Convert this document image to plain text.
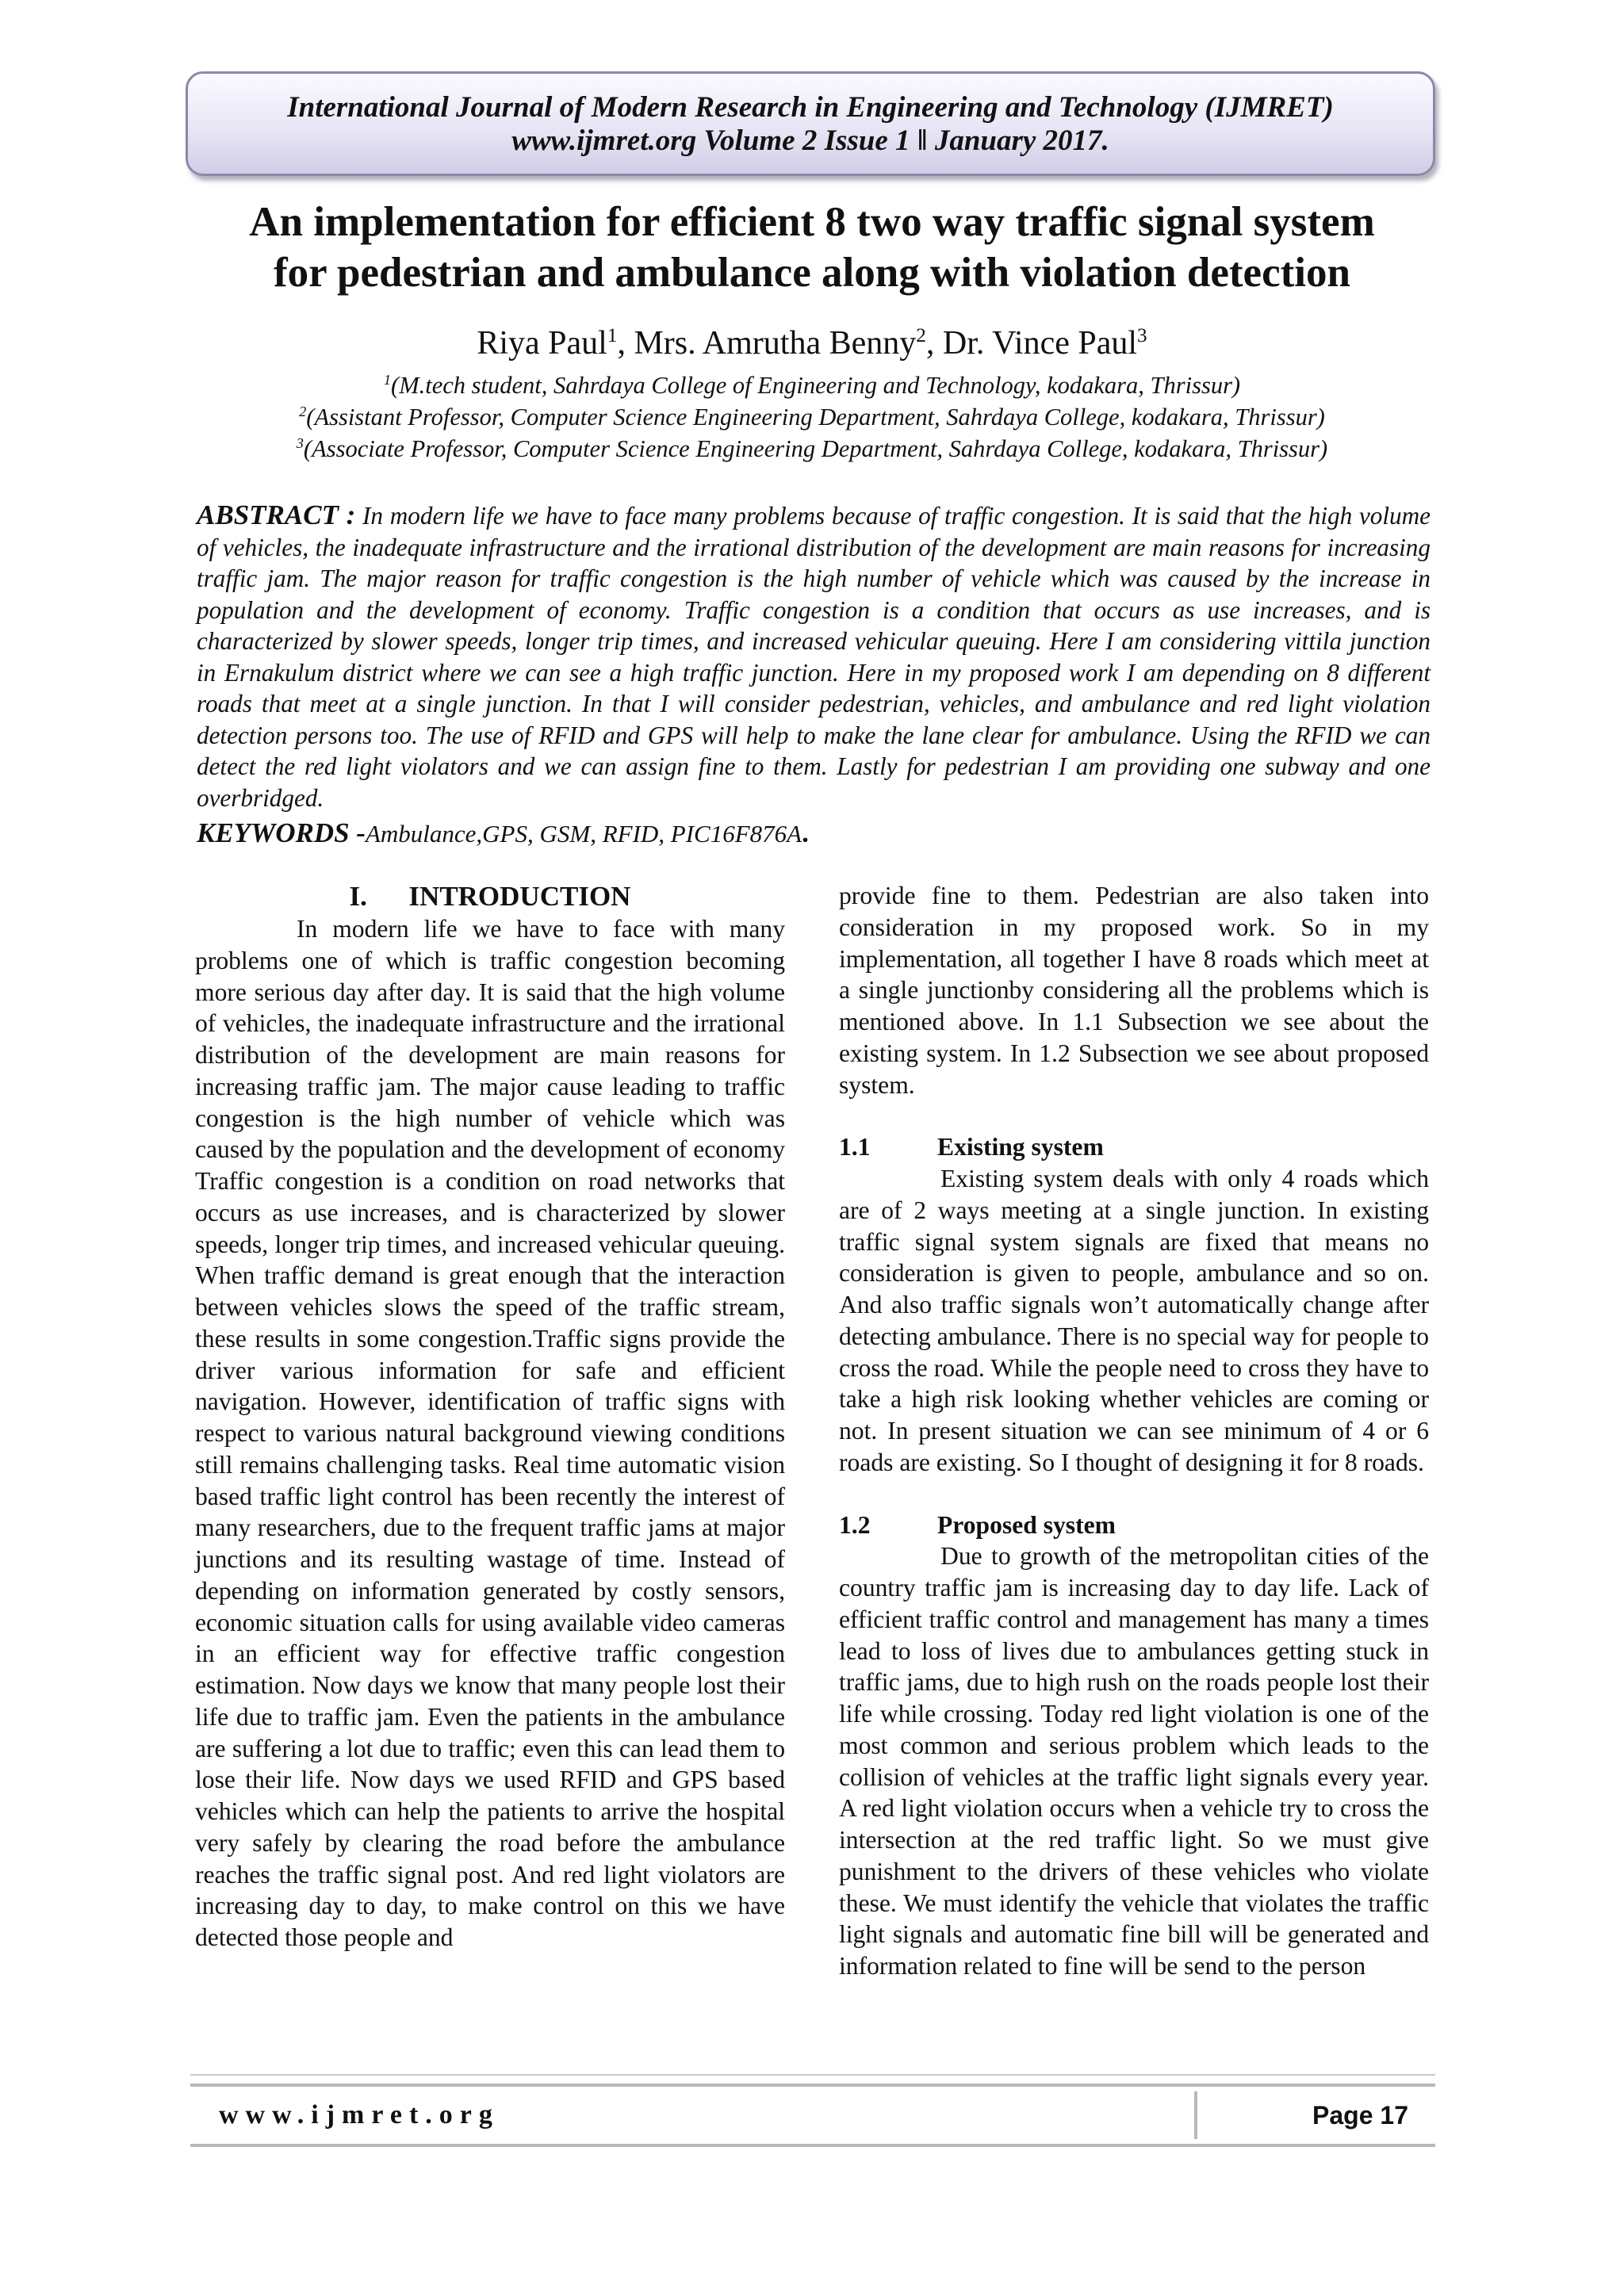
International Journal of Modern Research in Engineering and Technology (IJMRET)
www.ijmret.org Volume 2 Issue 1 ǁ January 2017.
An implementation for efficient 8 two way traffic signal system
for pedestrian and ambulance along with violation detection
Riya Paul$^1$, Mrs. Amrutha Benny$^2$, Dr. Vince Paul$^3$
$^1$(M.tech student, Sahrdaya College of Engineering and Technology, kodakara, Thrissur)
$^2$(Assistant Professor, Computer Science Engineering Department, Sahrdaya College, kodakara, Thrissur)
$^3$(Associate Professor, Computer Science Engineering Department, Sahrdaya College, kodakara, Thrissur)
ABSTRACT : In modern life we have to face many problems because of traffic congestion. It is said that the high volume of vehicles, the inadequate infrastructure and the irrational distribution of the development are main reasons for increasing traffic jam. The major reason for traffic congestion is the high number of vehicle which was caused by the increase in population and the development of economy. Traffic congestion is a condition that occurs as use increases, and is characterized by slower speeds, longer trip times, and increased vehicular queuing. Here I am considering vittila junction in Ernakulum district where we can see a high traffic junction. Here in my proposed work I am depending on 8 different roads that meet at a single junction. In that I will consider pedestrian, vehicles, and ambulance and red light violation detection persons too. The use of RFID and GPS will help to make the lane clear for ambulance. Using the RFID we can detect the red light violators and we can assign fine to them. Lastly for pedestrian I am providing one subway and one overbridged.
KEYWORDS -Ambulance,GPS, GSM, RFID, PIC16F876A.

I.      INTRODUCTION

In modern life we have to face with many problems one of which is traffic congestion becoming more serious day after day. It is said that the high volume of vehicles, the inadequate infrastructure and the irrational distribution of the development are main reasons for increasing traffic jam. The major cause leading to traffic congestion is the high number of vehicle which was caused by the population and the development of economy Traffic congestion is a condition on road networks that occurs as use increases, and is characterized by slower speeds, longer trip times, and increased vehicular queuing. When traffic demand is great enough that the interaction between vehicles slows the speed of the traffic stream, these results in some congestion.Traffic signs provide the driver various information for safe and efficient navigation. However, identification of traffic signs with respect to various natural background viewing conditions still remains challenging tasks. Real time automatic vision based traffic light control has been recently the interest of many researchers, due to the frequent traffic jams at major junctions and its resulting wastage of time. Instead of depending on information generated by costly sensors, economic situation calls for using available video cameras in an efficient way for effective traffic congestion estimation. Now days we know that many people lost their life due to traffic jam. Even the patients in the ambulance are suffering a lot due to traffic; even this can lead them to lose their life. Now days we used RFID and GPS based vehicles which can help the patients to arrive the hospital very safely by clearing the road before the ambulance reaches the traffic signal post. And red light violators are increasing day to day, to make control on this we have detected those people and

provide fine to them. Pedestrian are also taken into consideration in my proposed work. So in my implementation, all together I have 8 roads which meet at a single junctionby considering all the problems which is mentioned above. In 1.1 Subsection we see about the existing system. In 1.2 Subsection we see about proposed system.

1.1	Existing system

Existing system deals with only 4 roads which are of 2 ways meeting at a single junction. In existing traffic signal system signals are fixed that means no consideration is given to people, ambulance and so on. And also traffic signals won’t automatically change after detecting ambulance. There is no special way for people to cross the road. While the people need to cross they have to take a high risk looking whether vehicles are coming or not. In present situation we can see minimum of 4 or 6 roads are existing. So I thought of designing it for 8 roads.

1.2	Proposed system

Due to growth of the metropolitan cities of the country traffic jam is increasing day to day life. Lack of efficient traffic control and management has many a times lead to loss of lives due to ambulances getting stuck in traffic jams, due to high rush on the roads people lost their life while crossing. Today red light violation is one of the most common and serious problem which leads to the collision of vehicles at the traffic light signals every year. A red light violation occurs when a vehicle try to cross the intersection at the red traffic light. So we must give punishment to the drivers of these vehicles who violate these. We must identify the vehicle that violates the traffic light signals and automatic fine bill will be generated and information related to fine will be send to the person

www.ijmret.org	Page 17
